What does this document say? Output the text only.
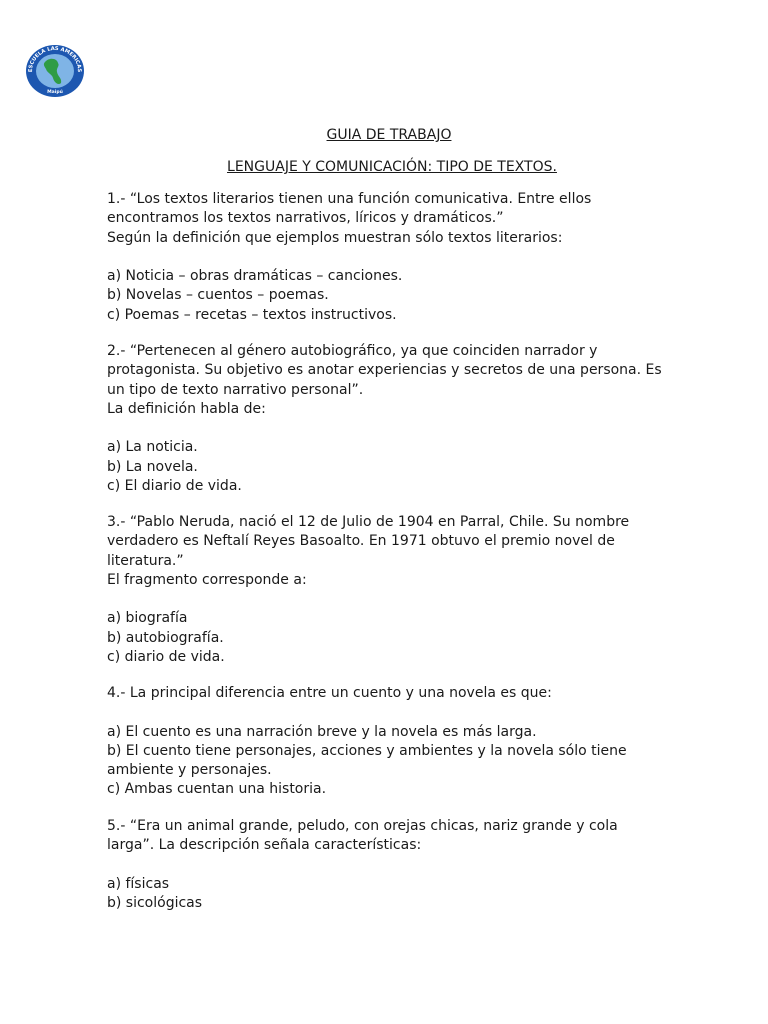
ESCUELA LAS AMERICAS
Maipú
GUIA DE TRABAJO
LENGUAJE Y COMUNICACIÓN: TIPO DE TEXTOS.

1.- “Los textos literarios tienen una función comunicativa. Entre ellos

encontramos los textos narrativos, líricos y dramáticos.”

Según la definición que ejemplos muestran sólo textos literarios:

a) Noticia – obras dramáticas – canciones.
b) Novelas – cuentos – poemas.
c) Poemas – recetas – textos instructivos.

2.- “Pertenecen al género autobiográfico, ya que coinciden narrador y

protagonista. Su objetivo es anotar experiencias y secretos de una persona. Es

un tipo de texto narrativo personal”.

La definición habla de:

a) La noticia.
b) La novela.
c) El diario de vida.

3.- “Pablo Neruda, nació el 12 de Julio de 1904 en Parral, Chile. Su nombre

verdadero es Neftalí Reyes Basoalto. En 1971 obtuvo el premio novel de

literatura.”

El fragmento corresponde a:

a) biografía
b) autobiografía.
c) diario de vida.

4.- La principal diferencia entre un cuento y una novela es que:

a) El cuento es una narración breve y la novela es más larga.
b) El cuento tiene personajes, acciones y ambientes y la novela sólo tiene
ambiente y personajes.
c) Ambas cuentan una historia.

5.- “Era un animal grande, peludo, con orejas chicas, nariz grande y cola

larga”. La descripción señala características:

a) físicas
b) sicológicas
